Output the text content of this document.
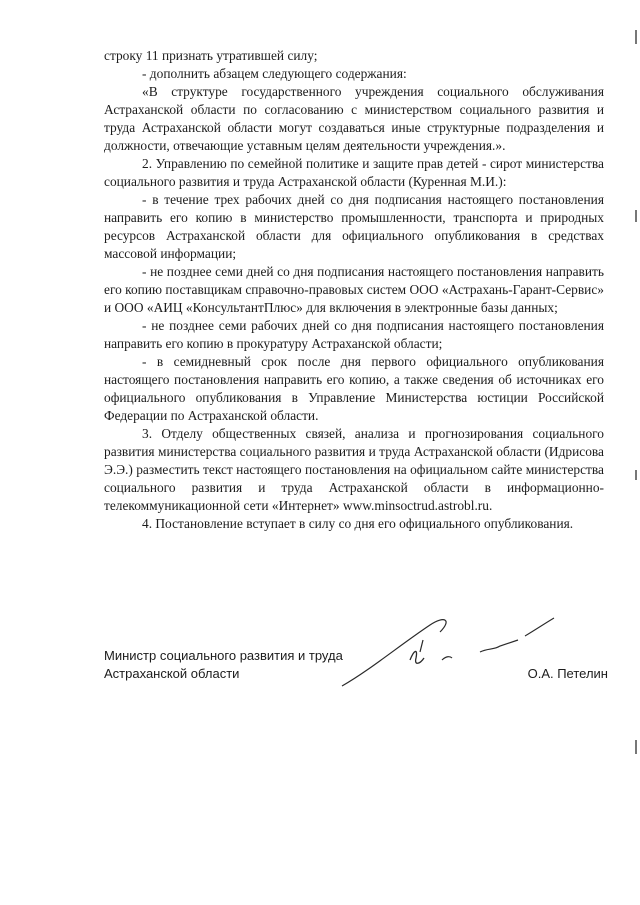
строку 11 признать утратившей силу;

- дополнить абзацем следующего содержания:

«В структуре государственного учреждения социального обслуживания Астраханской области по согласованию с министерством социального развития и труда Астраханской области могут создаваться иные структурные подразделения и должности, отвечающие уставным целям деятельности учреждения.».

2. Управлению по семейной политике и защите прав детей - сирот министерства социального развития и труда Астраханской области (Куренная М.И.):

- в течение трех рабочих дней со дня подписания настоящего постановления направить его копию в министерство промышленности, транспорта и природных ресурсов Астраханской области для официального опубликования в средствах массовой информации;

- не позднее семи дней со дня подписания настоящего постановления направить его копию поставщикам справочно-правовых систем ООО «Астрахань-Гарант-Сервис» и ООО «АИЦ «КонсультантПлюс» для включения в электронные базы данных;

- не позднее семи рабочих дней со дня подписания настоящего постановления направить его копию в прокуратуру Астраханской области;

- в семидневный срок после дня первого официального опубликования настоящего постановления направить его копию, а также сведения об источниках его официального опубликования в Управление Министерства юстиции Российской Федерации по Астраханской области.

3. Отделу общественных связей, анализа и прогнозирования социального развития министерства социального развития и труда Астраханской области (Идрисова Э.Э.) разместить текст настоящего постановления на официальном сайте министерства социального развития и труда Астраханской области в информационно-телекоммуникационной сети «Интернет» www.minsoctrud.astrobl.ru.

4. Постановление вступает в силу со дня его официального опубликования.

Министр социального развития и труда
Астраханской области	О.А. Петелин
